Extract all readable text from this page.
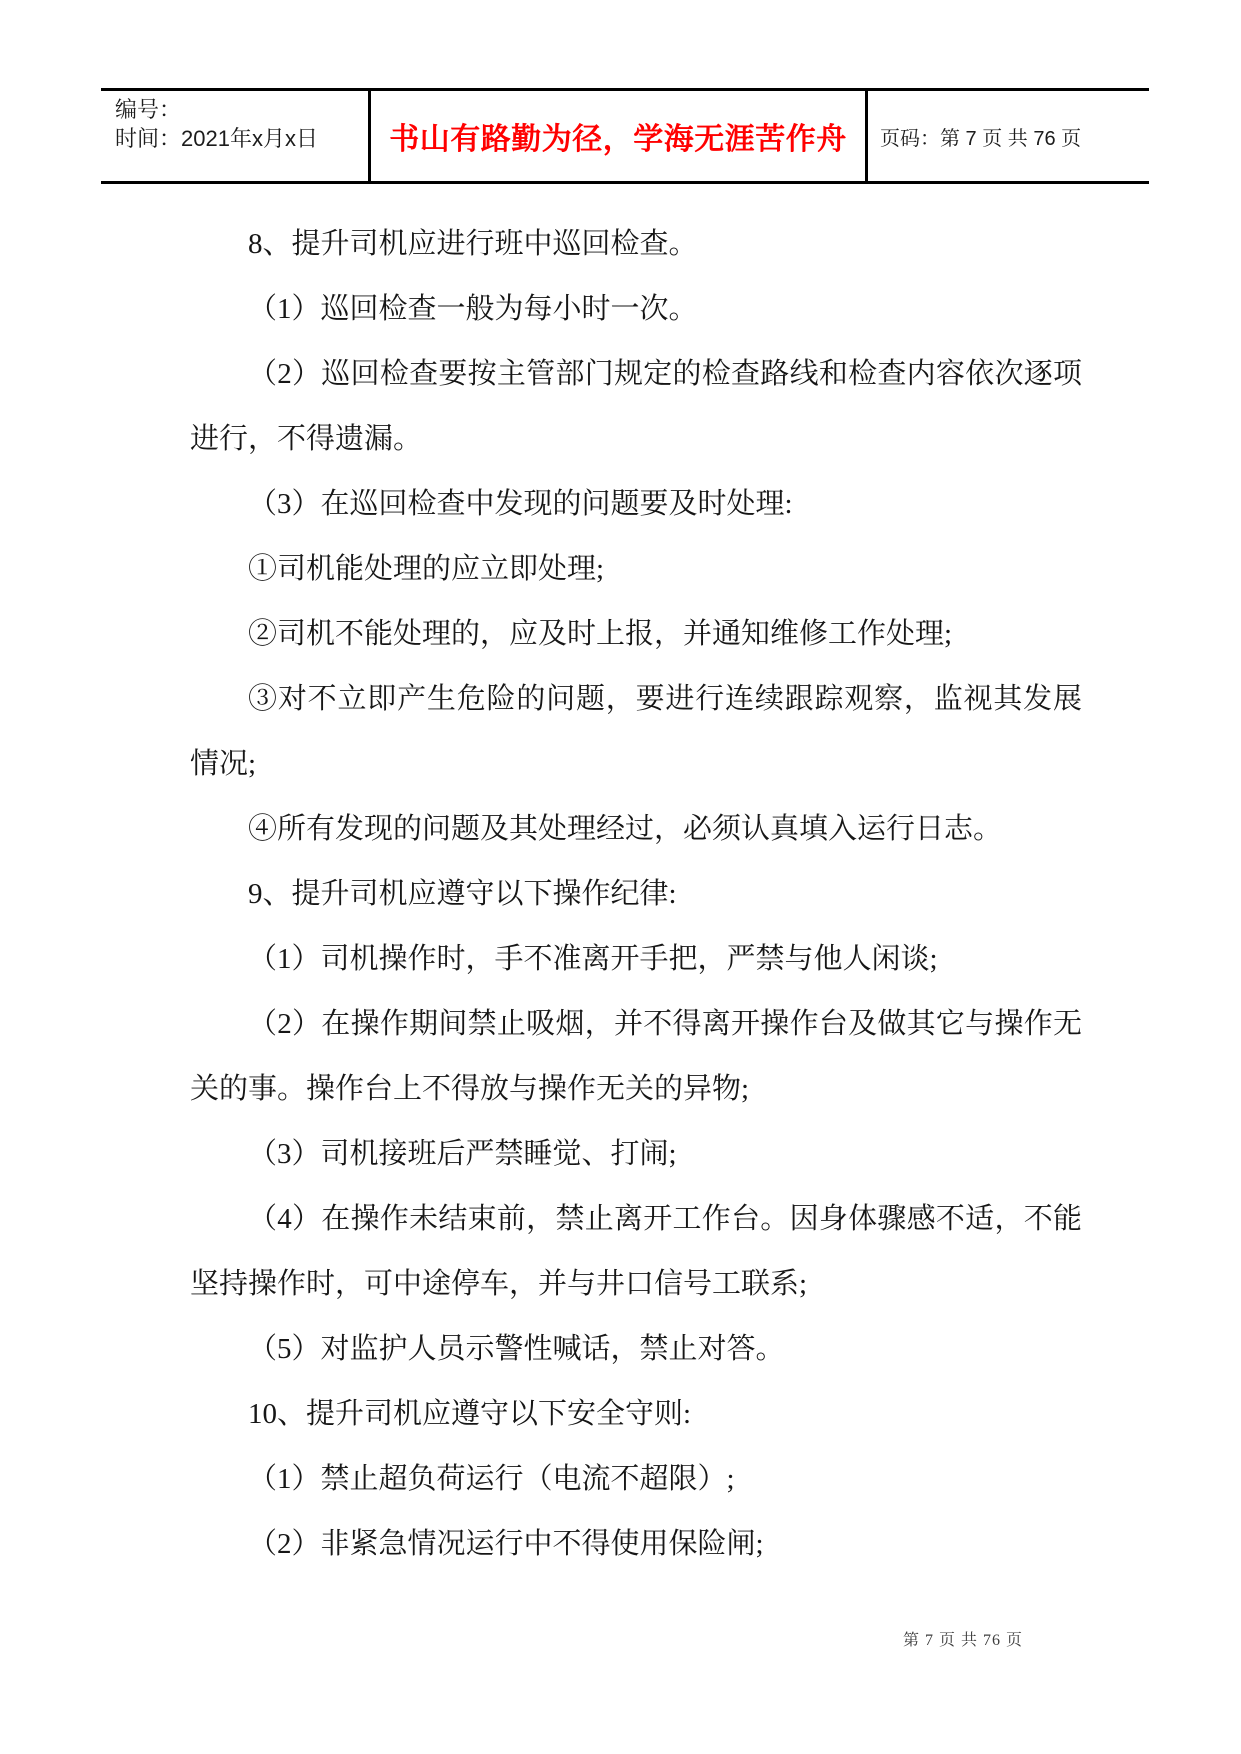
编号：
时间：2021年x月x日	书山有路勤为径，学海无涯苦作舟 页码：第 7 页 共 76 页

8、提升司机应进行班中巡回检查。

（1）巡回检查一般为每小时一次。

（2）巡回检查要按主管部门规定的检查路线和检查内容依次逐项进行，不得遗漏。

（3）在巡回检查中发现的问题要及时处理:

①司机能处理的应立即处理;

②司机不能处理的，应及时上报，并通知维修工作处理;

③对不立即产生危险的问题，要进行连续跟踪观察，监视其发展情况;

④所有发现的问题及其处理经过，必须认真填入运行日志。

9、提升司机应遵守以下操作纪律:

（1）司机操作时，手不准离开手把，严禁与他人闲谈;

（2）在操作期间禁止吸烟，并不得离开操作台及做其它与操作无关的事。操作台上不得放与操作无关的异物;

（3）司机接班后严禁睡觉、打闹;

（4）在操作未结束前，禁止离开工作台。因身体骤感不适，不能坚持操作时，可中途停车，并与井口信号工联系;

（5）对监护人员示警性喊话，禁止对答。

10、提升司机应遵守以下安全守则:

（1）禁止超负荷运行（电流不超限）;

（2）非紧急情况运行中不得使用保险闸;

第 7 页 共 76 页
